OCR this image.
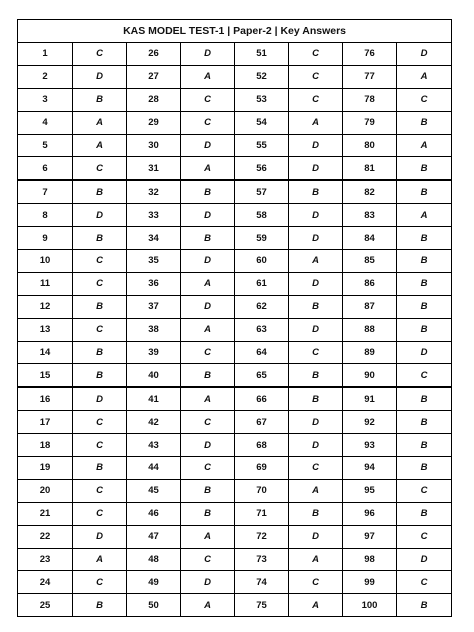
KAS MODEL TEST-1 | Paper-2 | Key Answers							
1	C	26	D	51	C	76	D
2	D	27	A	52	C	77	A
3	B	28	C	53	C	78	C
4	A	29	C	54	A	79	B
5	A	30	D	55	D	80	A
6	C	31	A	56	D	81	B
7	B	32	B	57	B	82	B
8	D	33	D	58	D	83	A
9	B	34	B	59	D	84	B
10	C	35	D	60	A	85	B
11	C	36	A	61	D	86	B
12	B	37	D	62	B	87	B
13	C	38	A	63	D	88	B
14	B	39	C	64	C	89	D
15	B	40	B	65	B	90	C
16	D	41	A	66	B	91	B
17	C	42	C	67	D	92	B
18	C	43	D	68	D	93	B
19	B	44	C	69	C	94	B
20	C	45	B	70	A	95	C
21	C	46	B	71	B	96	B
22	D	47	A	72	D	97	C
23	A	48	C	73	A	98	D
24	C	49	D	74	C	99	C
25	B	50	A	75	A	100	B
